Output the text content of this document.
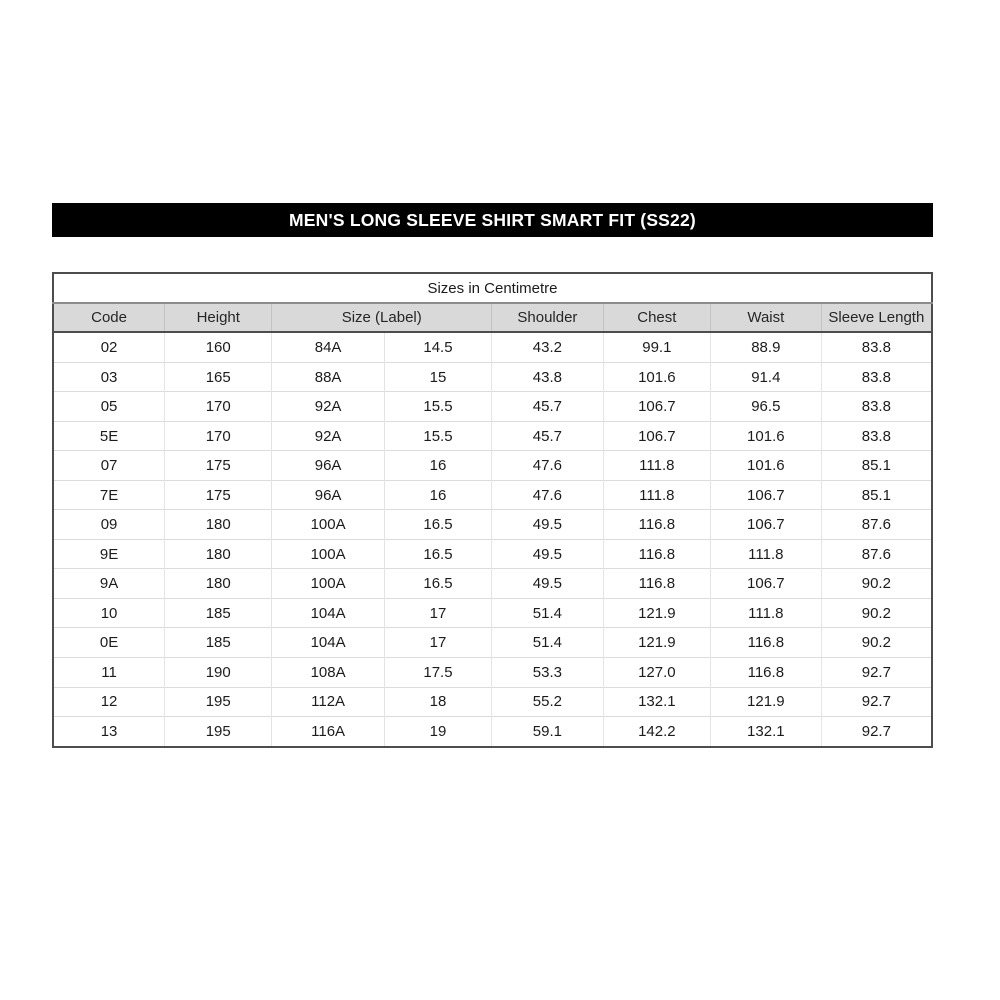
MEN'S LONG SLEEVE SHIRT SMART FIT (SS22)
Sizes in Centimetre							
Code	Height	Size (Label)		Shoulder	Chest	Waist	Sleeve Length
02	160	84A	14.5	43.2	99.1	88.9	83.8
03	165	88A	15	43.8	101.6	91.4	83.8
05	170	92A	15.5	45.7	106.7	96.5	83.8
5E	170	92A	15.5	45.7	106.7	101.6	83.8
07	175	96A	16	47.6	111.8	101.6	85.1
7E	175	96A	16	47.6	111.8	106.7	85.1
09	180	100A	16.5	49.5	116.8	106.7	87.6
9E	180	100A	16.5	49.5	116.8	111.8	87.6
9A	180	100A	16.5	49.5	116.8	106.7	90.2
10	185	104A	17	51.4	121.9	111.8	90.2
0E	185	104A	17	51.4	121.9	116.8	90.2
11	190	108A	17.5	53.3	127.0	116.8	92.7
12	195	112A	18	55.2	132.1	121.9	92.7
13	195	116A	19	59.1	142.2	132.1	92.7
